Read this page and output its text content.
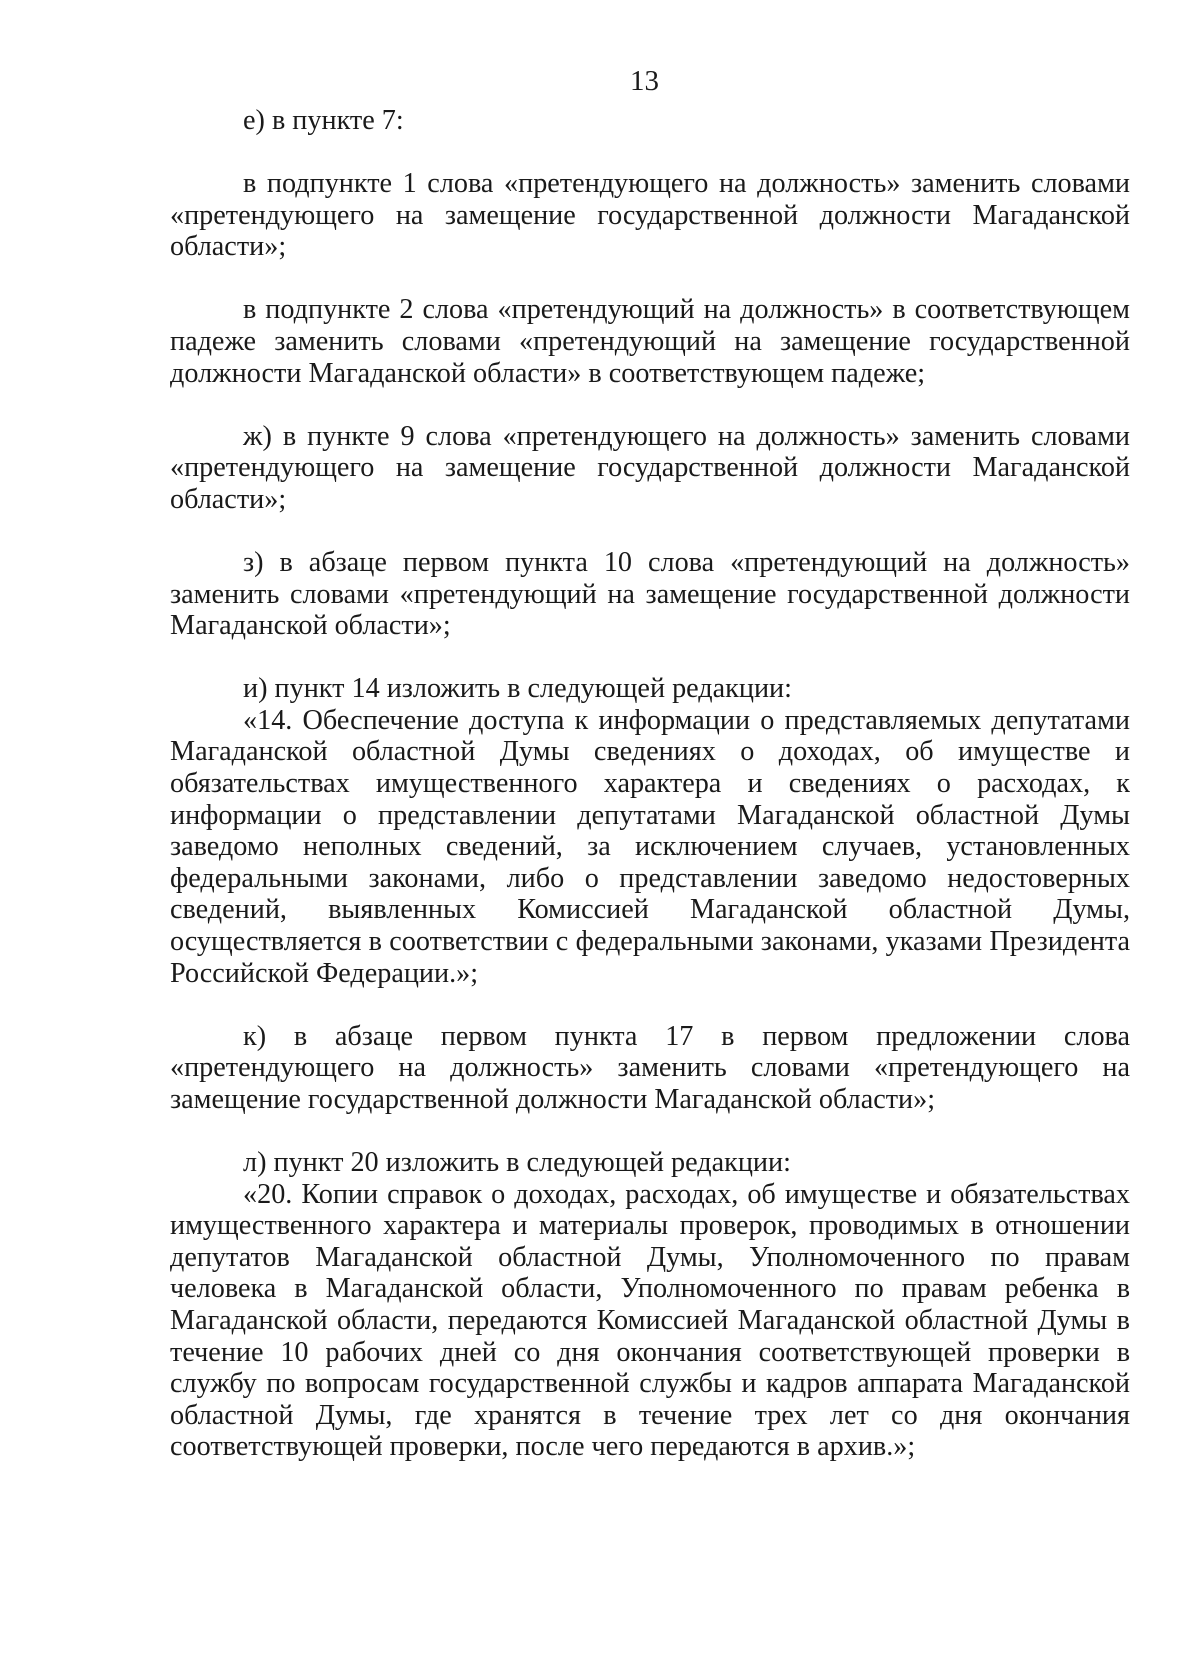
13

е) в пункте 7:

в подпункте 1 слова «претендующего на должность» заменить словами «претендующего на замещение государственной должности Магаданской области»;

в подпункте 2 слова «претендующий на должность» в соответствующем падеже заменить словами «претендующий на замещение государственной должности Магаданской области» в соответствующем падеже;

ж) в пункте 9 слова «претендующего на должность» заменить словами «претендующего на замещение государственной должности Магаданской области»;

з) в абзаце первом пункта 10 слова «претендующий на должность» заменить словами «претендующий на замещение государственной должности Магаданской области»;

и) пункт 14 изложить в следующей редакции:

«14. Обеспечение доступа к информации о представляемых депутатами Магаданской областной Думы сведениях о доходах, об имуществе и обязательствах имущественного характера и сведениях о расходах, к информации о представлении депутатами Магаданской областной Думы заведомо неполных сведений, за исключением случаев, установленных федеральными законами, либо о представлении заведомо недостоверных сведений, выявленных Комиссией Магаданской областной Думы, осуществляется в соответствии с федеральными законами, указами Президента Российской Федерации.»;

к) в абзаце первом пункта 17 в первом предложении слова «претендующего на должность» заменить словами «претендующего на замещение государственной должности Магаданской области»;

л) пункт 20 изложить в следующей редакции:

«20. Копии справок о доходах, расходах, об имуществе и обязательствах имущественного характера и материалы проверок, проводимых в отношении депутатов Магаданской областной Думы, Уполномоченного по правам человека в Магаданской области, Уполномоченного по правам ребенка в Магаданской области, передаются Комиссией Магаданской областной Думы в течение 10 рабочих дней со дня окончания соответствующей проверки в службу по вопросам государственной службы и кадров аппарата Магаданской областной Думы, где хранятся в течение трех лет со дня окончания соответствующей проверки, после чего передаются в архив.»;
